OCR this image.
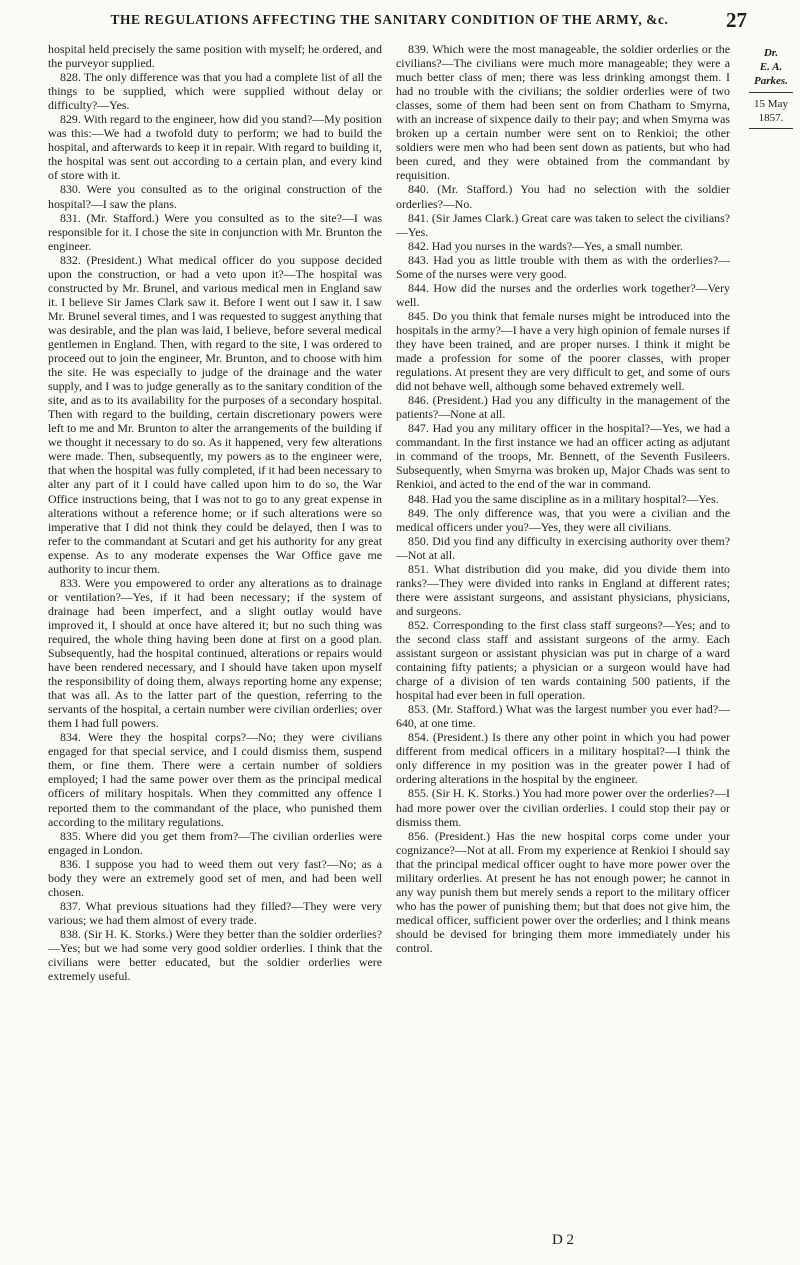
THE REGULATIONS AFFECTING THE SANITARY CONDITION OF THE ARMY, &c.	27

hospital held precisely the same position with myself; he ordered, and the purveyor supplied.

828. The only difference was that you had a complete list of all the things to be supplied, which were supplied without delay or difficulty?—Yes.

829. With regard to the engineer, how did you stand?—My position was this:—We had a twofold duty to perform; we had to build the hospital, and afterwards to keep it in repair. With regard to building it, the hospital was sent out according to a certain plan, and every kind of store with it.

830. Were you consulted as to the original construction of the hospital?—I saw the plans.

831. (Mr. Stafford.) Were you consulted as to the site?—I was responsible for it. I chose the site in conjunction with Mr. Brunton the engineer.

832. (President.) What medical officer do you suppose decided upon the construction, or had a veto upon it?—The hospital was constructed by Mr. Brunel, and various medical men in England saw it. I believe Sir James Clark saw it. Before I went out I saw it. I saw Mr. Brunel several times, and I was requested to suggest anything that was desirable, and the plan was laid, I believe, before several medical gentlemen in England. Then, with regard to the site, I was ordered to proceed out to join the engineer, Mr. Brunton, and to choose with him the site. He was especially to judge of the drainage and the water supply, and I was to judge generally as to the sanitary condition of the site, and as to its availability for the purposes of a secondary hospital. Then with regard to the building, certain discretionary powers were left to me and Mr. Brunton to alter the arrangements of the building if we thought it necessary to do so. As it happened, very few alterations were made. Then, subsequently, my powers as to the engineer were, that when the hospital was fully completed, if it had been necessary to alter any part of it I could have called upon him to do so, the War Office instructions being, that I was not to go to any great expense in alterations without a reference home; or if such alterations were so imperative that I did not think they could be delayed, then I was to refer to the commandant at Scutari and get his authority for any great expense. As to any moderate expenses the War Office gave me authority to incur them.

833. Were you empowered to order any alterations as to drainage or ventilation?—Yes, if it had been necessary; if the system of drainage had been imperfect, and a slight outlay would have improved it, I should at once have altered it; but no such thing was required, the whole thing having been done at first on a good plan. Subsequently, had the hospital continued, alterations or repairs would have been rendered necessary, and I should have taken upon myself the responsibility of doing them, always reporting home any expense; that was all. As to the latter part of the question, referring to the servants of the hospital, a certain number were civilian orderlies; over them I had full powers.

834. Were they the hospital corps?—No; they were civilians engaged for that special service, and I could dismiss them, suspend them, or fine them. There were a certain number of soldiers employed; I had the same power over them as the principal medical officers of military hospitals. When they committed any offence I reported them to the commandant of the place, who punished them according to the military regulations.

835. Where did you get them from?—The civilian orderlies were engaged in London.

836. I suppose you had to weed them out very fast?—No; as a body they were an extremely good set of men, and had been well chosen.

837. What previous situations had they filled?—They were very various; we had them almost of every trade.

838. (Sir H. K. Storks.) Were they better than the soldier orderlies?—Yes; but we had some very good soldier orderlies. I think that the civilians were better educated, but the soldier orderlies were extremely useful.

839. Which were the most manageable, the soldier orderlies or the civilians?—The civilians were much more manageable; they were a much better class of men; there was less drinking amongst them. I had no trouble with the civilians; the soldier orderlies were of two classes, some of them had been sent on from Chatham to Smyrna, with an increase of sixpence daily to their pay; and when Smyrna was broken up a certain number were sent on to Renkioi; the other soldiers were men who had been sent down as patients, but who had been cured, and they were obtained from the commandant by requisition.

840. (Mr. Stafford.) You had no selection with the soldier orderlies?—No.

841. (Sir James Clark.) Great care was taken to select the civilians?—Yes.

842. Had you nurses in the wards?—Yes, a small number.

843. Had you as little trouble with them as with the orderlies?—Some of the nurses were very good.

844. How did the nurses and the orderlies work together?—Very well.

845. Do you think that female nurses might be introduced into the hospitals in the army?—I have a very high opinion of female nurses if they have been trained, and are proper nurses. I think it might be made a profession for some of the poorer classes, with proper regulations. At present they are very difficult to get, and some of ours did not behave well, although some behaved extremely well.

846. (President.) Had you any difficulty in the management of the patients?—None at all.

847. Had you any military officer in the hospital?—Yes, we had a commandant. In the first instance we had an officer acting as adjutant in command of the troops, Mr. Bennett, of the Seventh Fusileers. Subsequently, when Smyrna was broken up, Major Chads was sent to Renkioi, and acted to the end of the war in command.

848. Had you the same discipline as in a military hospital?—Yes.

849. The only difference was, that you were a civilian and the medical officers under you?—Yes, they were all civilians.

850. Did you find any difficulty in exercising authority over them?—Not at all.

851. What distribution did you make, did you divide them into ranks?—They were divided into ranks in England at different rates; there were assistant surgeons, and assistant physicians, physicians, and surgeons.

852. Corresponding to the first class staff surgeons?—Yes; and to the second class staff and assistant surgeons of the army. Each assistant surgeon or assistant physician was put in charge of a ward containing fifty patients; a physician or a surgeon would have had charge of a division of ten wards containing 500 patients, if the hospital had ever been in full operation.

853. (Mr. Stafford.) What was the largest number you ever had?—640, at one time.

854. (President.) Is there any other point in which you had power different from medical officers in a military hospital?—I think the only difference in my position was in the greater power I had of ordering alterations in the hospital by the engineer.

855. (Sir H. K. Storks.) You had more power over the orderlies?—I had more power over the civilian orderlies. I could stop their pay or dismiss them.

856. (President.) Has the new hospital corps come under your cognizance?—Not at all. From my experience at Renkioi I should say that the principal medical officer ought to have more power over the military orderlies. At present he has not enough power; he cannot in any way punish them but merely sends a report to the military officer who has the power of punishing them; but that does not give him, the medical officer, sufficient power over the orderlies; and I think means should be devised for bringing them more immediately under his control.

Dr.
E. A. Parkes.
15 May 1857.
D 2
